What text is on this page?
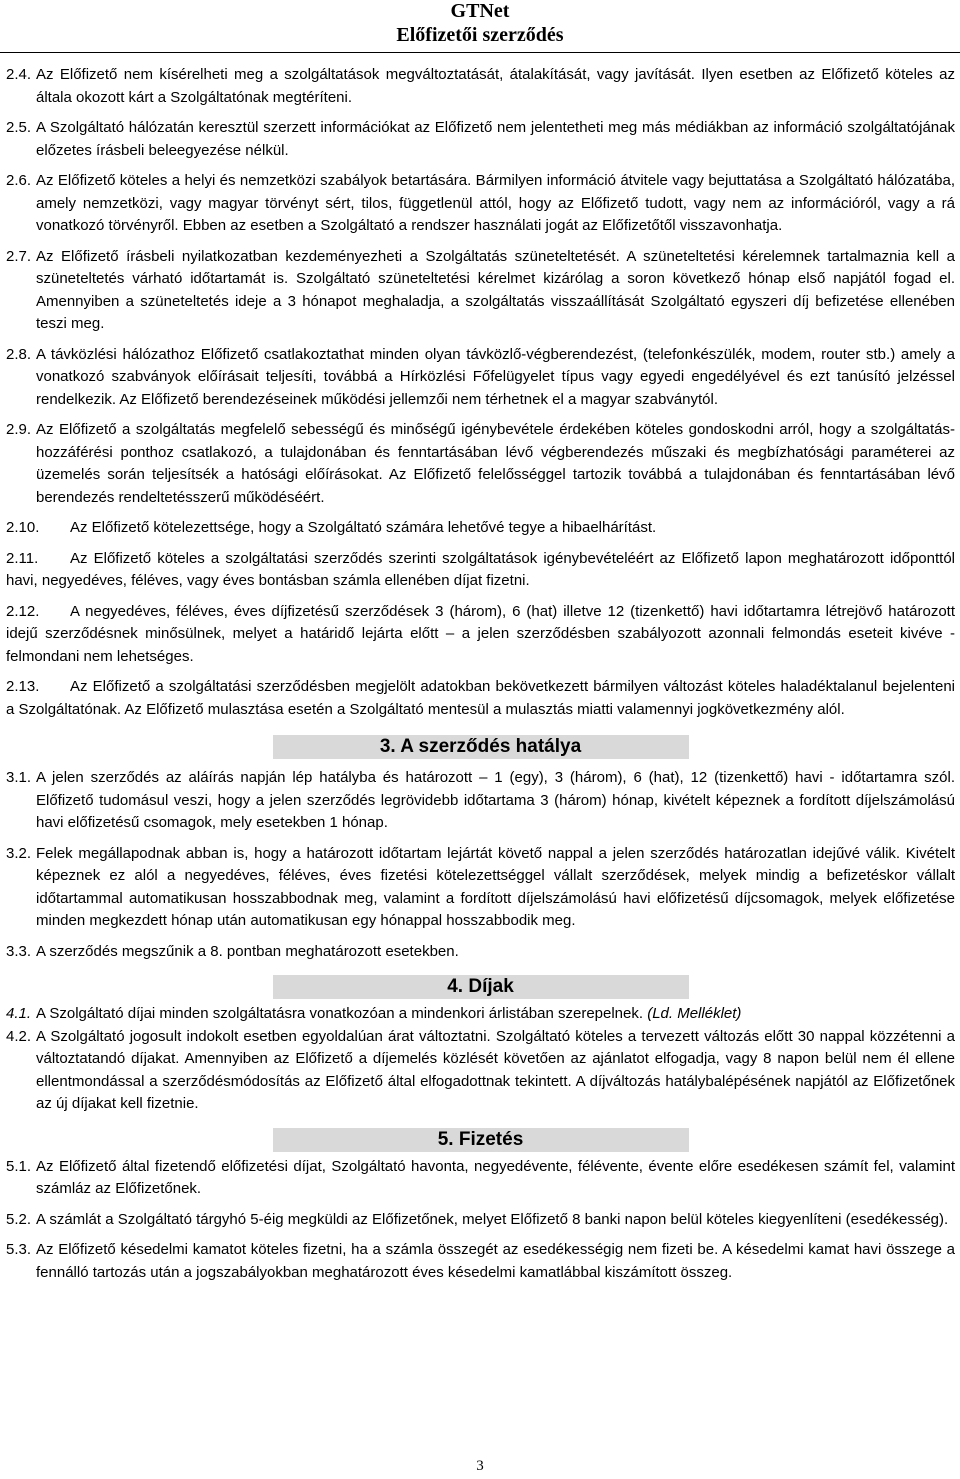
GTNet
Előfizetői szerződés
2.4. Az Előfizető nem kísérelheti meg a szolgáltatások megváltoztatását, átalakítását, vagy javítását. Ilyen esetben az Előfizető köteles az általa okozott kárt a Szolgáltatónak megtéríteni.
2.5. A Szolgáltató hálózatán keresztül szerzett információkat az Előfizető nem jelentetheti meg más médiákban az információ szolgáltatójának előzetes írásbeli beleegyezése nélkül.
2.6. Az Előfizető köteles a helyi és nemzetközi szabályok betartására. Bármilyen információ átvitele vagy bejuttatása a Szolgáltató hálózatába, amely nemzetközi, vagy magyar törvényt sért, tilos, függetlenül attól, hogy az Előfizető tudott, vagy nem az információról, vagy a rá vonatkozó törvényről. Ebben az esetben a Szolgáltató a rendszer használati jogát az Előfizetőtől visszavonhatja.
2.7. Az Előfizető írásbeli nyilatkozatban kezdeményezheti a Szolgáltatás szüneteltetését. A szüneteltetési kérelemnek tartalmaznia kell a szüneteltetés várható időtartamát is. Szolgáltató szüneteltetési kérelmet kizárólag a soron következő hónap első napjától fogad el. Amennyiben a szüneteltetés ideje a 3 hónapot meghaladja, a szolgáltatás visszaállítását Szolgáltató egyszeri díj befizetése ellenében teszi meg.
2.8. A távközlési hálózathoz Előfizető csatlakoztathat minden olyan távközlő-végberendezést, (telefonkészülék, modem, router stb.) amely a vonatkozó szabványok előírásait teljesíti, továbbá a Hírközlési Főfelügyelet típus vagy egyedi engedélyével és ezt tanúsító jelzéssel rendelkezik. Az Előfizető berendezéseinek működési jellemzői nem térhetnek el a magyar szabványtól.
2.9. Az Előfizető a szolgáltatás megfelelő sebességű és minőségű igénybevétele érdekében köteles gondoskodni arról, hogy a szolgáltatás-hozzáférési ponthoz csatlakozó, a tulajdonában és fenntartásában lévő végberendezés műszaki és megbízhatósági paraméterei az üzemelés során teljesítsék a hatósági előírásokat. Az Előfizető felelősséggel tartozik továbbá a tulajdonában és fenntartásában lévő berendezés rendeltetésszerű működéséért.
2.10.	Az Előfizető kötelezettsége, hogy a Szolgáltató számára lehetővé tegye a hibaelhárítást.
2.11. Az Előfizető köteles a szolgáltatási szerződés szerinti szolgáltatások igénybevételéért az Előfizető lapon meghatározott időponttól havi, negyedéves, féléves, vagy éves bontásban számla ellenében díjat fizetni.
2.12. A negyedéves, féléves, éves díjfizetésű szerződések 3 (három), 6 (hat) illetve 12 (tizenkettő) havi időtartamra létrejövő határozott idejű szerződésnek minősülnek, melyet a határidő lejárta előtt – a jelen szerződésben szabályozott azonnali felmondás eseteit kivéve - felmondani nem lehetséges.
2.13. Az Előfizető a szolgáltatási szerződésben megjelölt adatokban bekövetkezett bármilyen változást köteles haladéktalanul bejelenteni a Szolgáltatónak. Az Előfizető mulasztása esetén a Szolgáltató mentesül a mulasztás miatti valamennyi jogkövetkezmény alól.
3. A szerződés hatálya
3.1. A jelen szerződés az aláírás napján lép hatályba és határozott – 1 (egy), 3 (három), 6 (hat), 12 (tizenkettő) havi - időtartamra szól. Előfizető tudomásul veszi, hogy a jelen szerződés legrövidebb időtartama 3 (három) hónap, kivételt képeznek a fordított díjelszámolású havi előfizetésű csomagok, mely esetekben 1 hónap.
3.2. Felek megállapodnak abban is, hogy a határozott időtartam lejártát követő nappal a jelen szerződés határozatlan idejűvé válik. Kivételt képeznek ez alól a negyedéves, féléves, éves fizetési kötelezettséggel vállalt szerződések, melyek mindig a befizetéskor vállalt időtartammal automatikusan hosszabbodnak meg, valamint a fordított díjelszámolású havi előfizetésű díjcsomagok, melyek előfizetése minden megkezdett hónap után automatikusan egy hónappal hosszabbodik meg.
3.3. A szerződés megszűnik a 8. pontban meghatározott esetekben.
4. Díjak
4.1. A Szolgáltató díjai minden szolgáltatásra vonatkozóan a mindenkori árlistában szerepelnek. (Ld. Melléklet)
4.2. A Szolgáltató jogosult indokolt esetben egyoldalúan árat változtatni. Szolgáltató köteles a tervezett változás előtt 30 nappal közzétenni a változtatandó díjakat. Amennyiben az Előfizető a díjemelés közlését követően az ajánlatot elfogadja, vagy 8 napon belül nem él ellene ellentmondással a szerződésmódosítás az Előfizető által elfogadottnak tekintett. A díjváltozás hatálybalépésének napjától az Előfizetőnek az új díjakat kell fizetnie.
5. Fizetés
5.1. Az Előfizető által fizetendő előfizetési díjat, Szolgáltató havonta, negyedévente, félévente, évente előre esedékesen számít fel, valamint számláz az Előfizetőnek.
5.2. A számlát a Szolgáltató tárgyhó 5-éig megküldi az Előfizetőnek, melyet Előfizető 8 banki napon belül köteles kiegyenlíteni (esedékesség).
5.3. Az Előfizető késedelmi kamatot köteles fizetni, ha a számla összegét az esedékességig nem fizeti be. A késedelmi kamat havi összege a fennálló tartozás után a jogszabályokban meghatározott éves késedelmi kamatlábbal kiszámított összeg.
3
